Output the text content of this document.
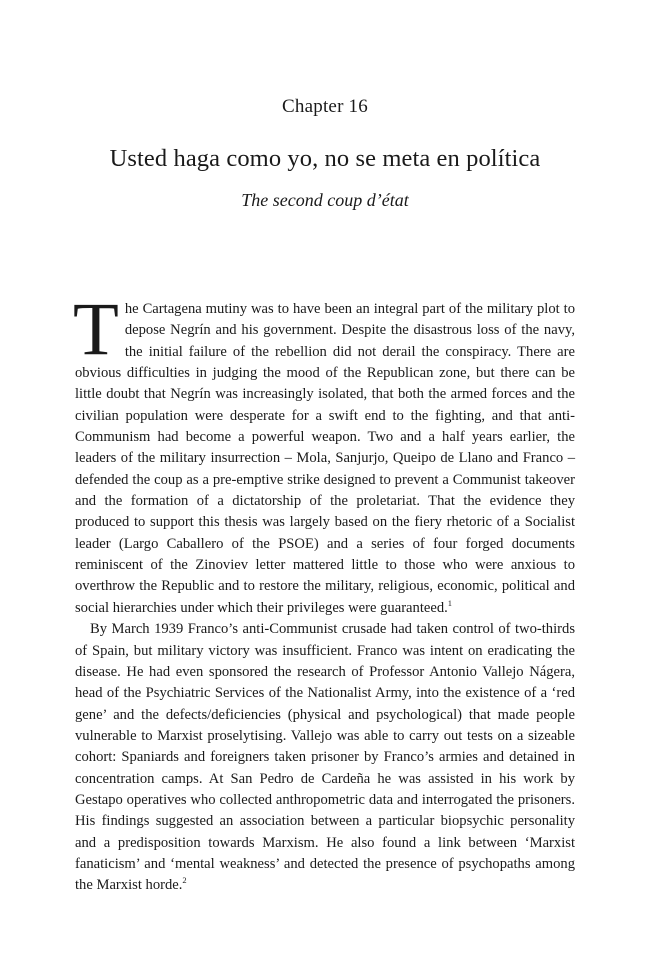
Chapter 16
Usted haga como yo, no se meta en política
The second coup d’état

The Cartagena mutiny was to have been an integral part of the military plot to depose Negrín and his government. Despite the disastrous loss of the navy, the initial failure of the rebellion did not derail the conspiracy. There are obvious difficulties in judging the mood of the Republican zone, but there can be little doubt that Negrín was increasingly isolated, that both the armed forces and the civilian population were desperate for a swift end to the fighting, and that anti-Communism had become a powerful weapon. Two and a half years earlier, the leaders of the military insurrection – Mola, Sanjurjo, Queipo de Llano and Franco – defended the coup as a pre-emptive strike designed to prevent a Communist takeover and the formation of a dictatorship of the proletariat. That the evidence they produced to support this thesis was largely based on the fiery rhetoric of a Socialist leader (Largo Caballero of the PSOE) and a series of four forged documents reminiscent of the Zinoviev letter mattered little to those who were anxious to overthrow the Republic and to restore the military, religious, economic, political and social hierarchies under which their privileges were guaranteed.$^1$

By March 1939 Franco’s anti-Communist crusade had taken control of two-thirds of Spain, but military victory was insufficient. Franco was intent on eradicating the disease. He had even sponsored the research of Professor Antonio Vallejo Nágera, head of the Psychiatric Services of the Nationalist Army, into the existence of a ‘red gene’ and the defects/deficiencies (physical and psychological) that made people vulnerable to Marxist proselytising. Vallejo was able to carry out tests on a sizeable cohort: Spaniards and foreigners taken prisoner by Franco’s armies and detained in concentration camps. At San Pedro de Cardeña he was assisted in his work by Gestapo operatives who collected anthropometric data and interrogated the prisoners. His findings suggested an association between a particular biopsychic personality and a predisposition towards Marxism. He also found a link between ‘Marxist fanaticism’ and ‘mental weakness’ and detected the presence of psychopaths among the Marxist horde.$^2$
